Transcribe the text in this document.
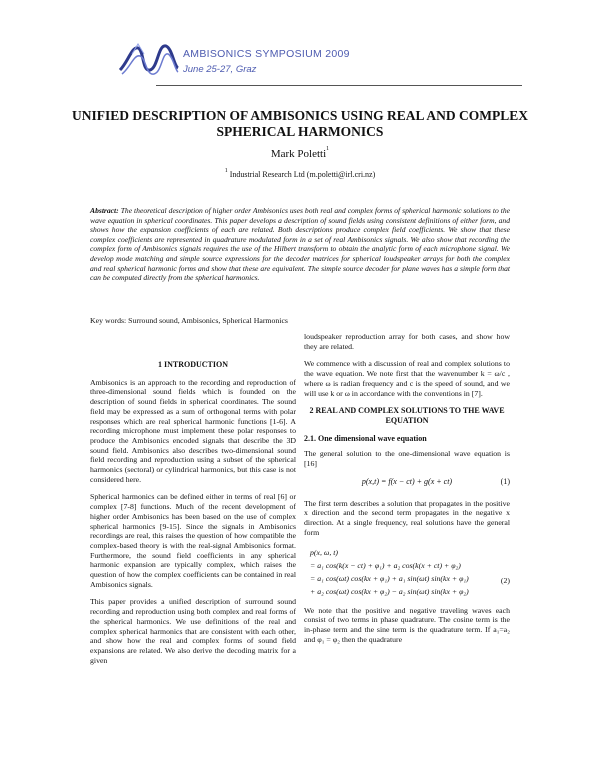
AMBISONICS SYMPOSIUM 2009
June 25-27, Graz
UNIFIED DESCRIPTION OF AMBISONICS USING REAL AND COMPLEX SPHERICAL HARMONICS
Mark Poletti$^1$
$^1$ Industrial Research Ltd (m.poletti@irl.cri.nz)
Abstract: The theoretical description of higher order Ambisonics uses both real and complex forms of spherical harmonic solutions to the wave equation in spherical coordinates. This paper develops a description of sound fields using consistent definitions of either form, and shows how the expansion coefficients of each are related. Both descriptions produce complex field coefficients. We show that these complex coefficients are represented in quadrature modulated form in a set of real Ambisonics signals. We also show that recording the complex form of Ambisonics signals requires the use of the Hilbert transform to obtain the analytic form of each microphone signal. We develop mode matching and simple source expressions for the decoder matrices for spherical loudspeaker arrays for both the complex and real spherical harmonic forms and show that these are equivalent. The simple source decoder for plane waves has a simple form that can be computed directly from the spherical harmonics.
Key words: Surround sound, Ambisonics, Spherical Harmonics
1 INTRODUCTION

Ambisonics is an approach to the recording and reproduction of three-dimensional sound fields which is founded on the description of sound fields in spherical coordinates. The sound field may be expressed as a sum of orthogonal terms with polar responses which are real spherical harmonic functions [1-6]. A recording microphone must implement these polar responses to produce the Ambisonics encoded signals that describe the 3D sound field. Ambisonics also describes two-dimensional sound field recording and reproduction using a subset of the spherical harmonics (sectoral) or cylindrical harmonics, but this case is not considered here.

Spherical harmonics can be defined either in terms of real [6] or complex [7-8] functions. Much of the recent development of higher order Ambisonics has been based on the use of complex spherical harmonics [9-15]. Since the signals in Ambisonics recordings are real, this raises the question of how compatible the complex-based theory is with the real-signal Ambisonics format. Furthermore, the sound field coefficients in any spherical harmonic expansion are typically complex, which raises the question of how the complex coefficients can be contained in real Ambisonics signals.

This paper provides a unified description of surround sound recording and reproduction using both complex and real forms of the spherical harmonics. We use definitions of the real and complex spherical harmonics that are consistent with each other, and show how the real and complex forms of sound field expansions are related. We also derive the decoding matrix for a given

loudspeaker reproduction array for both cases, and show how they are related.

We commence with a discussion of real and complex solutions to the wave equation. We note first that the wavenumber k = ω/c , where ω is radian frequency and c is the speed of sound, and we will use k or ω in accordance with the conventions in [7].

2 REAL AND COMPLEX SOLUTIONS TO THE WAVE EQUATION
2.1. One dimensional wave equation

The general solution to the one-dimensional wave equation is [16]

p(x,t) = f(x − ct) + g(x + ct)	(1)

The first term describes a solution that propagates in the positive x direction and the second term propagates in the negative x direction. At a single frequency, real solutions have the general form

p(x, ω, t)
= a₁ cos(k(x − ct) + φ₁) + a₂ cos(k(x + ct) + φ₂)
= a₁ cos(ωt) cos(kx + φ₁) + a₁ sin(ωt) sin(kx + φ₁)
+ a₂ cos(ωt) cos(kx + φ₂) − a₂ sin(ωt) sin(kx + φ₂)
(2)

We note that the positive and negative traveling waves each consist of two terms in phase quadrature. The cosine term is the in-phase term and the sine term is the quadrature term. If a₁=a₂ and φ₁ = φ₂ then the quadrature
